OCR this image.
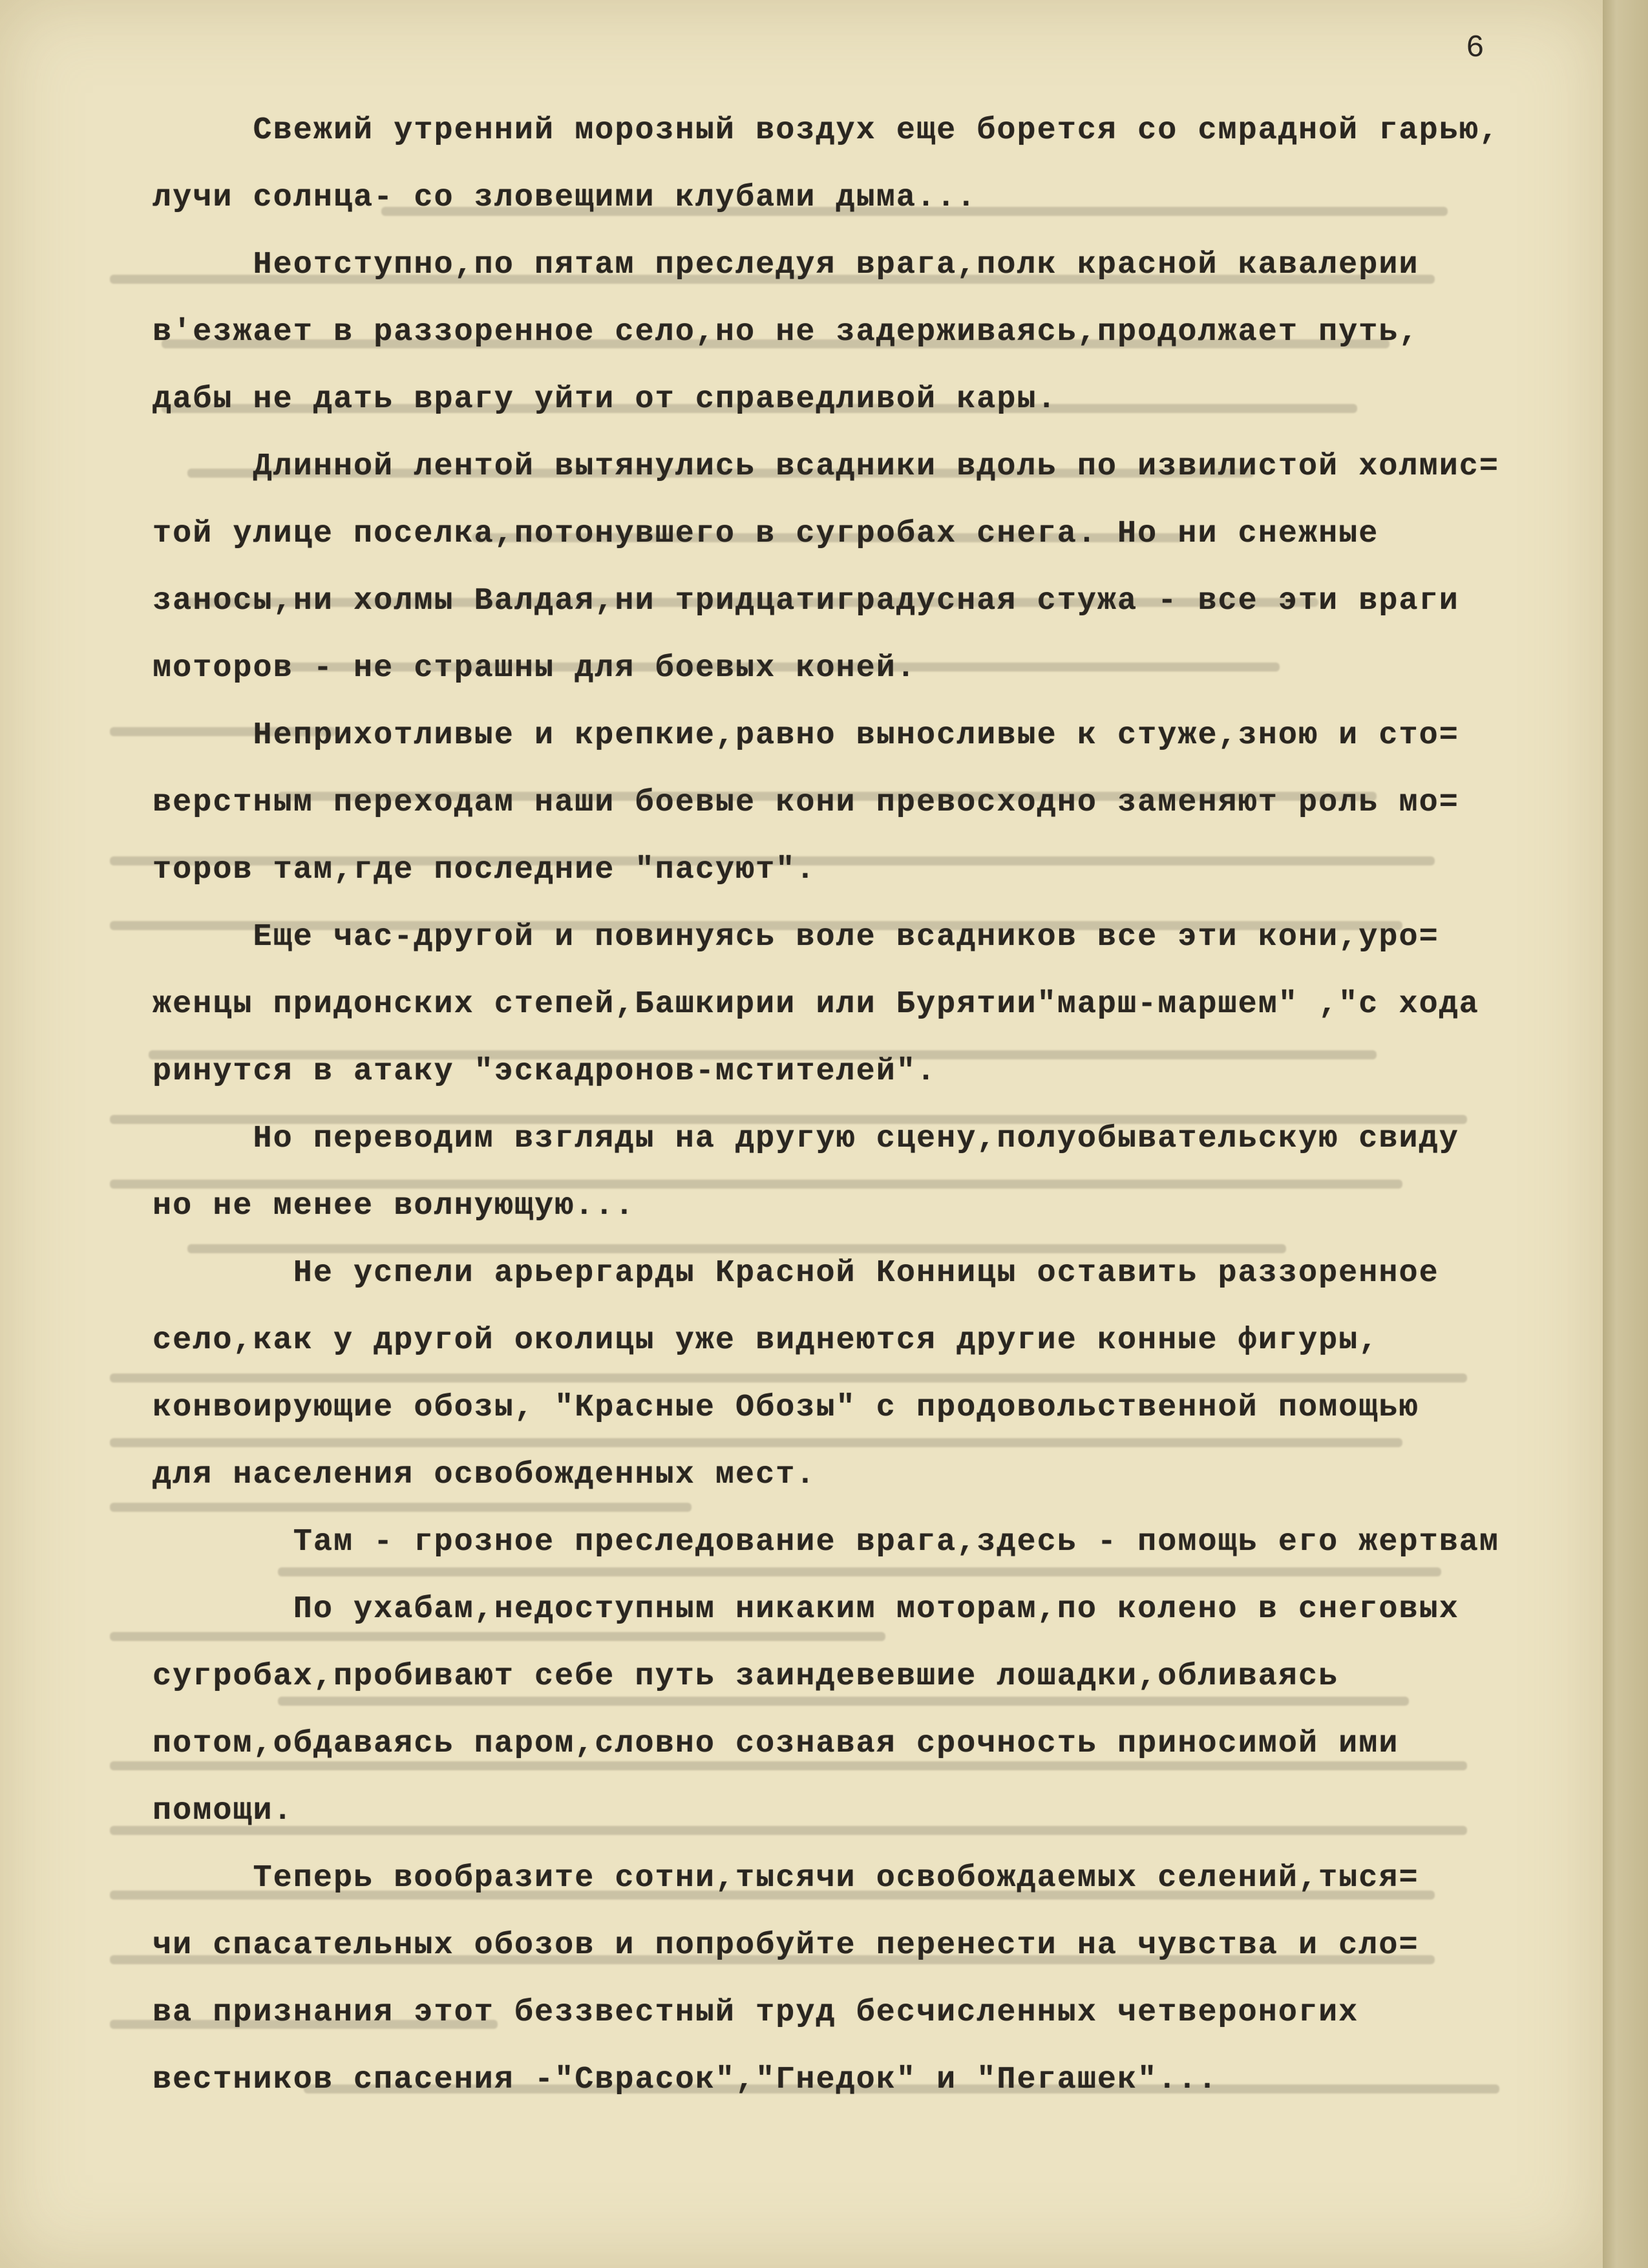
6
Свежий утренний морозный воздух еще борется со смрадной гарью,
лучи солнца- со зловещими клубами дыма...
Неотступно,по пятам преследуя врага,полк красной кавалерии
в'езжает в раззоренное село,но не задерживаясь,продолжает путь,
дабы не дать врагу уйти от справедливой кары.
Длинной лентой вытянулись всадники вдоль по извилистой холмис=
той улице поселка,потонувшего в сугробах снега. Но ни снежные
заносы,ни холмы Валдая,ни тридцатиградусная стужа - все эти враги
моторов - не страшны для боевых коней.
Неприхотливые и крепкие,равно выносливые к стуже,зною и сто=
верстным переходам наши боевые кони превосходно заменяют роль мо=
торов там,где последние "пасуют".
Еще час-другой и повинуясь воле всадников все эти кони,уро=
женцы придонских степей,Башкирии или Бурятии"марш-маршем" ,"с хода
ринутся в атаку "эскадронов-мстителей".
Но переводим взгляды на другую сцену,полуобывательскую свиду
но не менее волнующую...
Не успели арьергарды Красной Конницы оставить раззоренное
село,как у другой околицы уже виднеются другие конные фигуры,
конвоирующие обозы, "Красные Обозы" с продовольственной помощью
для населения освобожденных мест.
Там - грозное преследование врага,здесь - помощь его жертвам
По ухабам,недоступным никаким моторам,по колено в снеговых
сугробах,пробивают себе путь заиндевевшие лошадки,обливаясь
потом,обдаваясь паром,словно сознавая срочность приносимой ими
помощи.
Теперь вообразите сотни,тысячи освобождаемых селений,тыся=
чи спасательных обозов и попробуйте перенести на чувства и сло=
ва признания этот беззвестный труд бесчисленных четвероногих
вестников спасения -"Сврасок","Гнедок" и "Пегашек"...
